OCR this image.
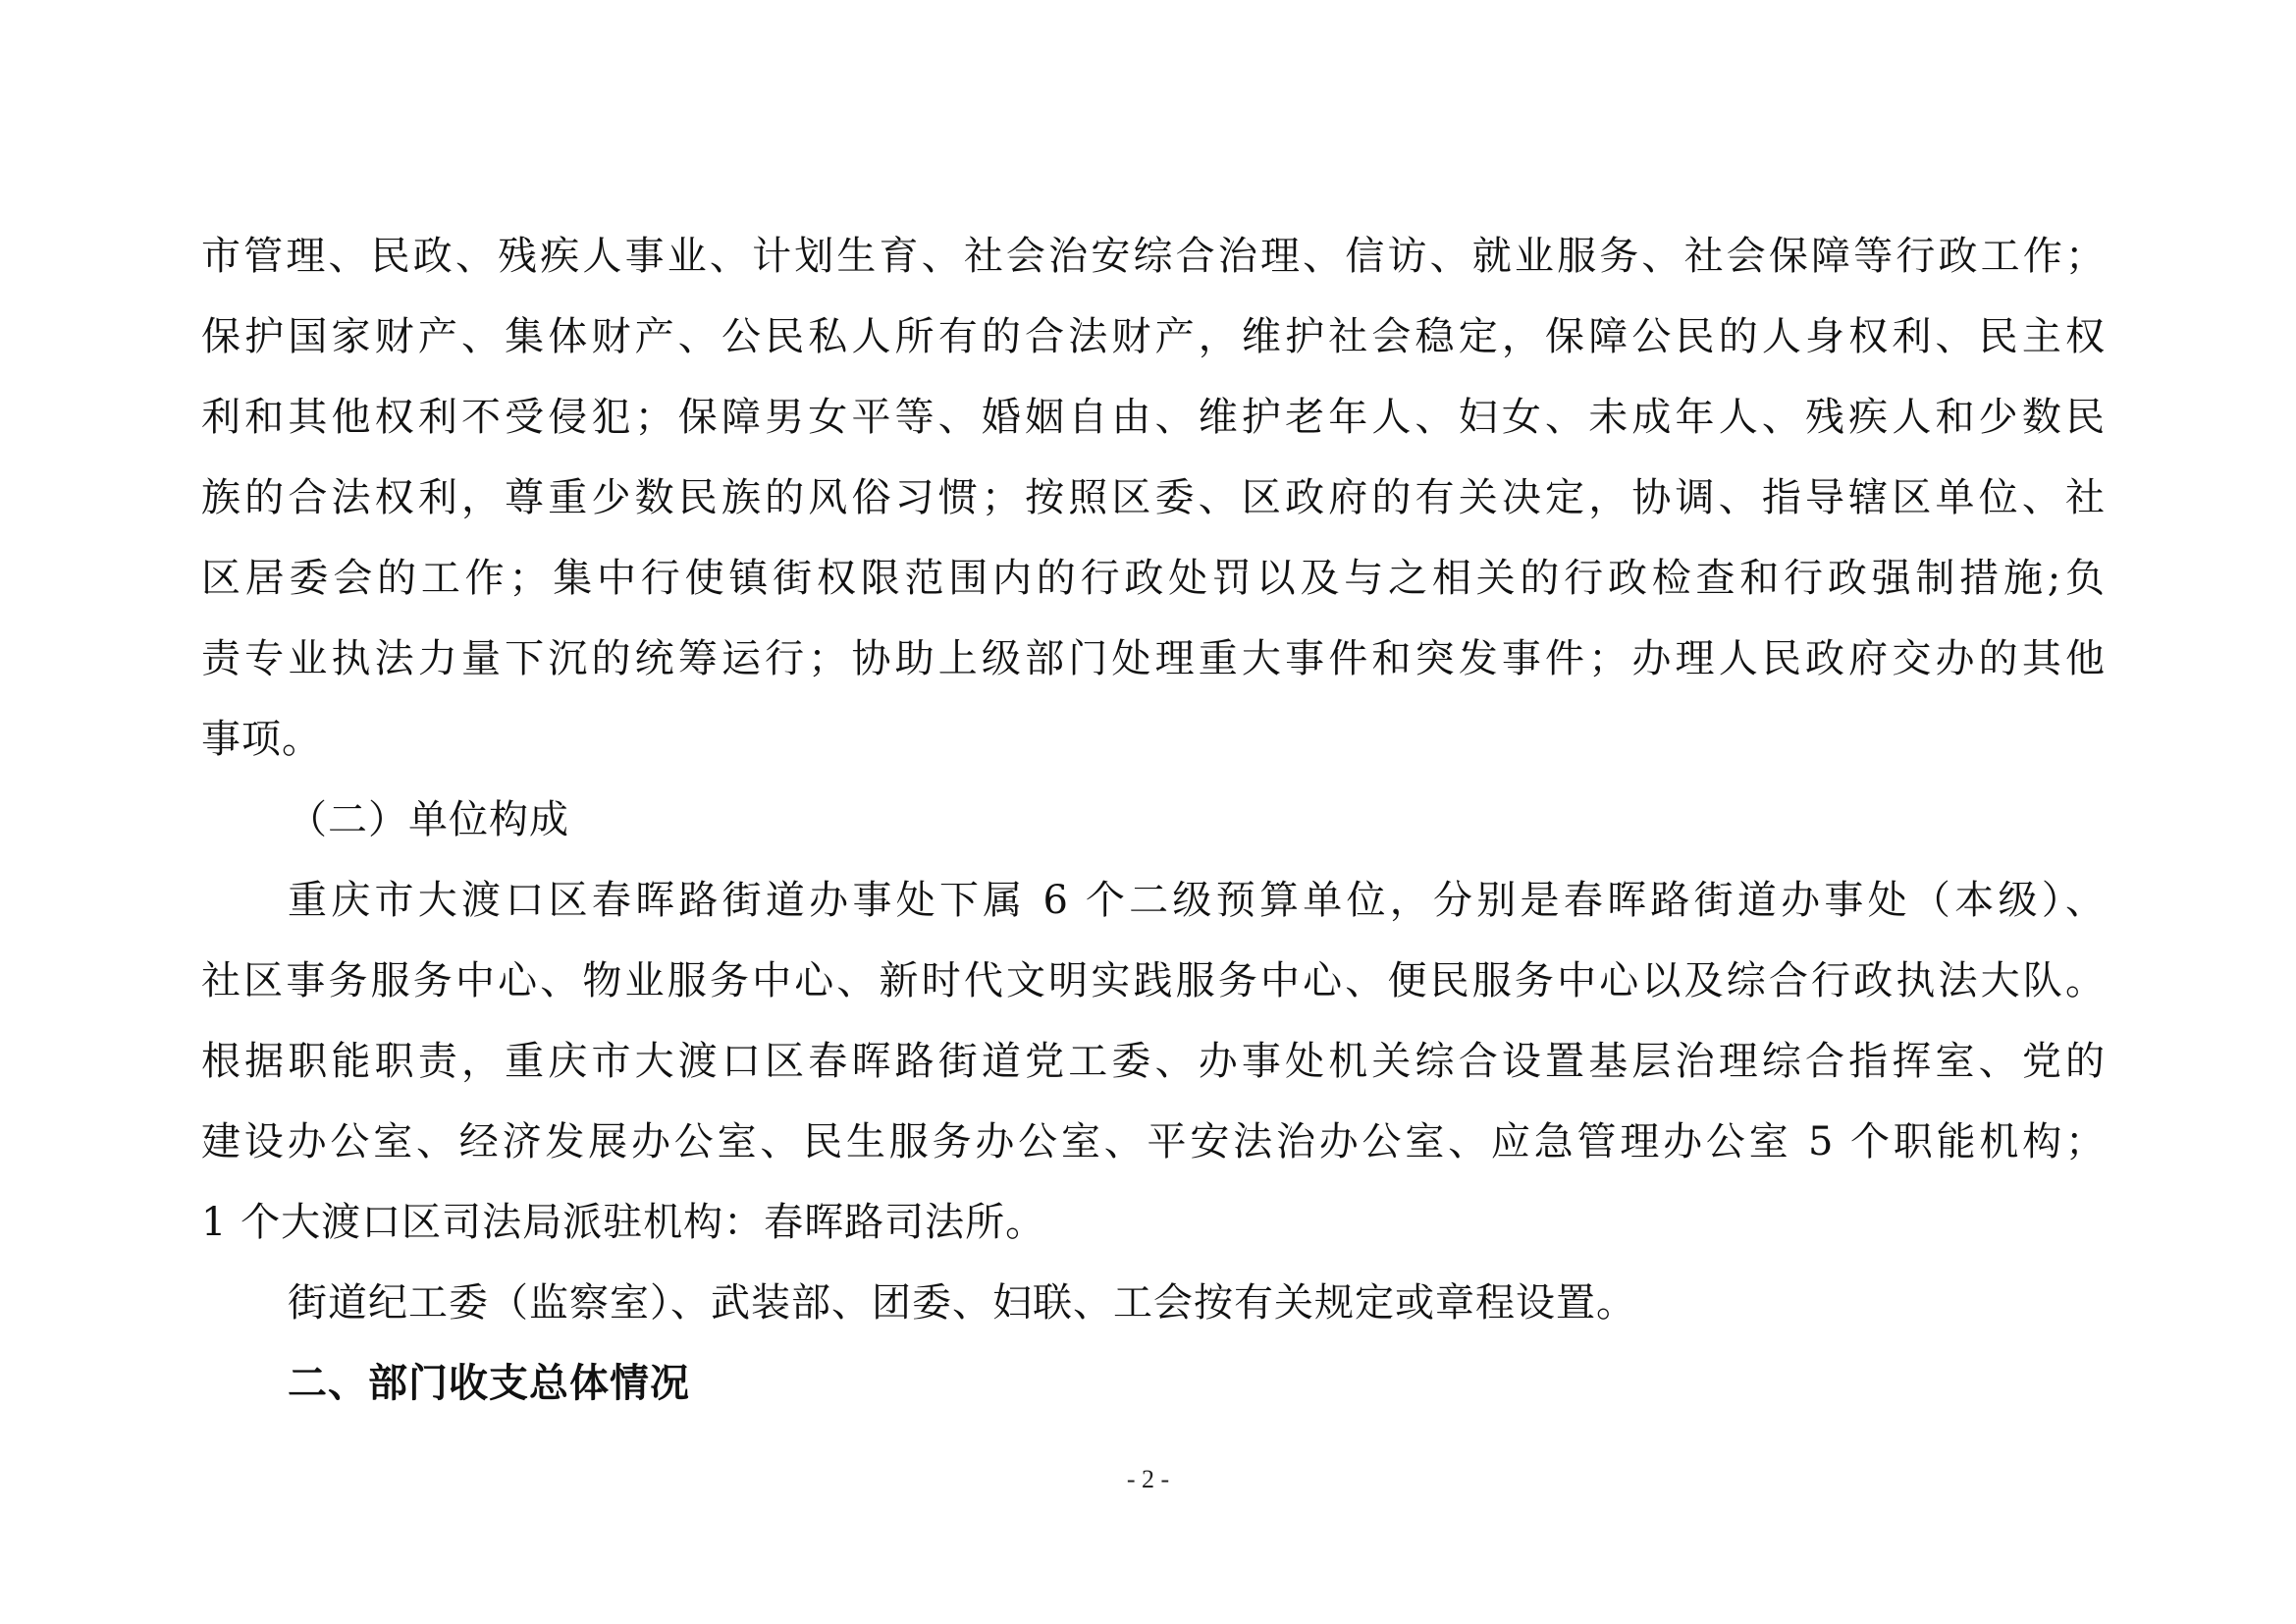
市管理、民政、残疾人事业、计划生育、社会治安综合治理、信访、就业服务、社会保障等行政工作；
保护国家财产、集体财产、公民私人所有的合法财产，维护社会稳定，保障公民的人身权利、民主权
利和其他权利不受侵犯；保障男女平等、婚姻自由、维护老年人、妇女、未成年人、残疾人和少数民
族的合法权利，尊重少数民族的风俗习惯；按照区委、区政府的有关决定，协调、指导辖区单位、社
区居委会的工作；集中行使镇街权限范围内的行政处罚以及与之相关的行政检查和行政强制措施;负
责专业执法力量下沉的统筹运行；协助上级部门处理重大事件和突发事件；办理人民政府交办的其他
事项。
（二）单位构成
重庆市大渡口区春晖路街道办事处下属 6 个二级预算单位，分别是春晖路街道办事处（本级）、
社区事务服务中心、物业服务中心、新时代文明实践服务中心、便民服务中心以及综合行政执法大队。
根据职能职责，重庆市大渡口区春晖路街道党工委、办事处机关综合设置基层治理综合指挥室、党的
建设办公室、经济发展办公室、民生服务办公室、平安法治办公室、应急管理办公室 5 个职能机构；
1 个大渡口区司法局派驻机构：春晖路司法所。
街道纪工委（监察室）、武装部、团委、妇联、工会按有关规定或章程设置。
二、部门收支总体情况
- 2 -
